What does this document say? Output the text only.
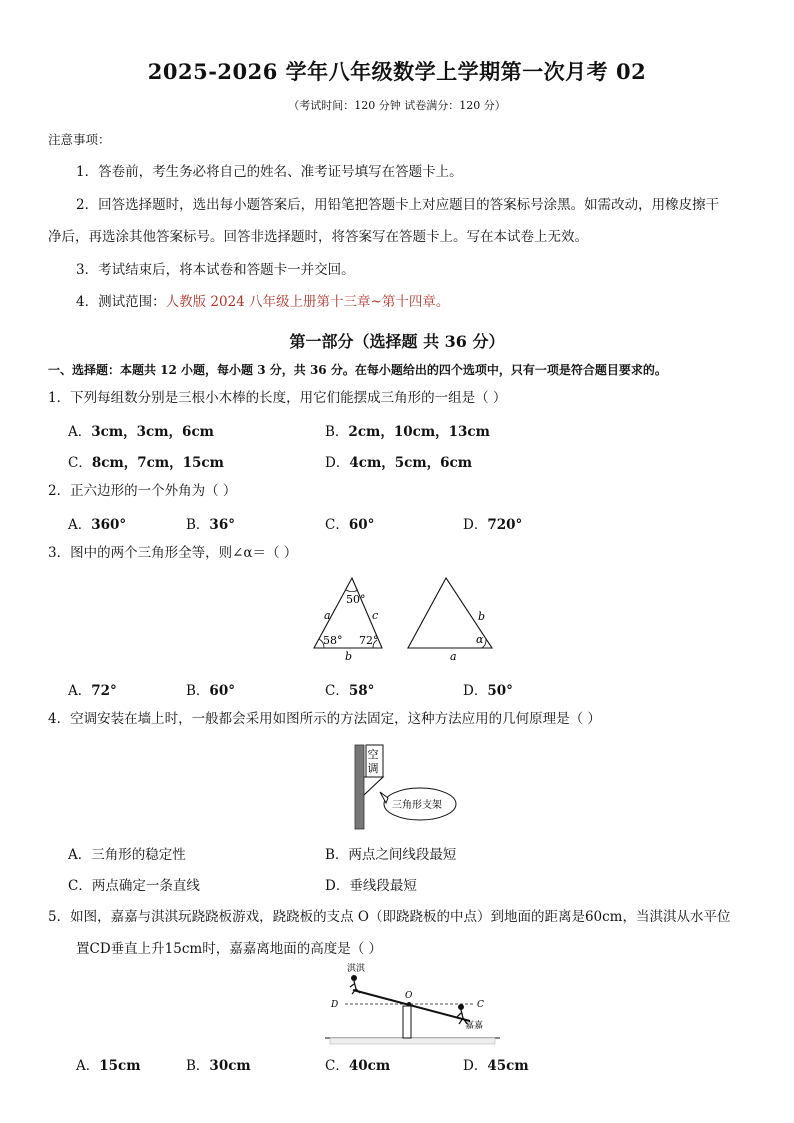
2025-2026 学年八年级数学上学期第一次月考 02
（考试时间：120 分钟 试卷满分：120 分）
注意事项：
1．答卷前，考生务必将自己的姓名、准考证号填写在答题卡上。
2．回答选择题时，选出每小题答案后，用铅笔把答题卡上对应题目的答案标号涂黑。如需改动，用橡皮擦干
净后，再选涂其他答案标号。回答非选择题时，将答案写在答题卡上。写在本试卷上无效。
3．考试结束后，将本试卷和答题卡一并交回。
4．测试范围：人教版 2024 八年级上册第十三章~第十四章。
第一部分（选择题 共 36 分）
一、选择题：本题共 12 小题，每小题 3 分，共 36 分。在每小题给出的四个选项中，只有一项是符合题目要求的。
1．下列每组数分别是三根小木棒的长度，用它们能摆成三角形的一组是（ ）
A．3cm，3cm，6cm	B．2cm，10cm，13cm
C．8cm，7cm，15cm	D．4cm，5cm，6cm
2．正六边形的一个外角为（ ）
A．360°	B．36°	C．60°	D．720°
3．图中的两个三角形全等，则∠α＝（ ）
50°
58° 72°
a	c
b
α
b
a
A．72°	B．60°	C．58°	D．50°
4．空调安装在墙上时，一般都会采用如图所示的方法固定，这种方法应用的几何原理是（ ）
空
调
三角形支架
A．三角形的稳定性	B．两点之间线段最短
C．两点确定一条直线	D．垂线段最短
5．如图，嘉嘉与淇淇玩跷跷板游戏，跷跷板的支点 O（即跷跷板的中点）到地面的距离是60cm，当淇淇从水平位
置CD垂直上升15cm时，嘉嘉离地面的高度是（ ）
淇淇
嘉嘉
D
O
C
A．15cm	B．30cm	C．40cm	D．45cm
